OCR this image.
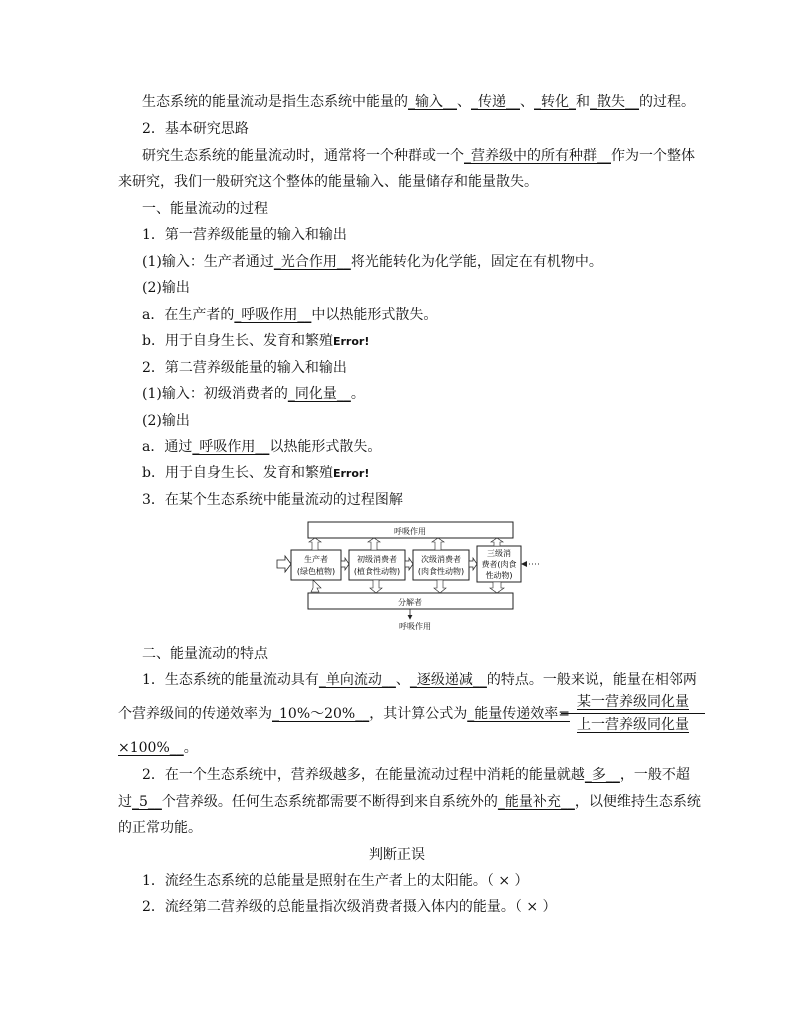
生态系统的能量流动是指生态系统中能量的_输入__、_传递__、_转化_和_散失__的过程。
2．基本研究思路
研究生态系统的能量流动时，通常将一个种群或一个_营养级中的所有种群__作为一个整体
来研究，我们一般研究这个整体的能量输入、能量储存和能量散失。
一、能量流动的过程
1．第一营养级能量的输入和输出
(1)输入：生产者通过_光合作用__将光能转化为化学能，固定在有机物中。
(2)输出
a．在生产者的_呼吸作用__中以热能形式散失。
b．用于自身生长、发育和繁殖Error!
2．第二营养级能量的输入和输出
(1)输入：初级消费者的_同化量__。
(2)输出
a．通过_呼吸作用__以热能形式散失。
b．用于自身生长、发育和繁殖Error!
3．在某个生态系统中能量流动的过程图解
呼吸作用
生产者
(绿色植物)
初级消费者
(植食性动物)
次级消费者
(肉食性动物)
三级消
费者(肉食
性动物)
分解者
呼吸作用
二、能量流动的特点
1．生态系统的能量流动具有_单向流动__、_逐级递减__的特点。一般来说，能量在相邻两
个营养级间的传递效率为_10%～20%__，其计算公式为_能量传递效率=
某一营养级同化量
上一营养级同化量
×100%__。
2．在一个生态系统中，营养级越多，在能量流动过程中消耗的能量就越_多__，一般不超
过_5__个营养级。任何生态系统都需要不断得到来自系统外的_能量补充__，以便维持生态系统
的正常功能。
判断正误
1．流经生态系统的总能量是照射在生产者上的太阳能。（ × ）
2．流经第二营养级的总能量指次级消费者摄入体内的能量。（ × ）
